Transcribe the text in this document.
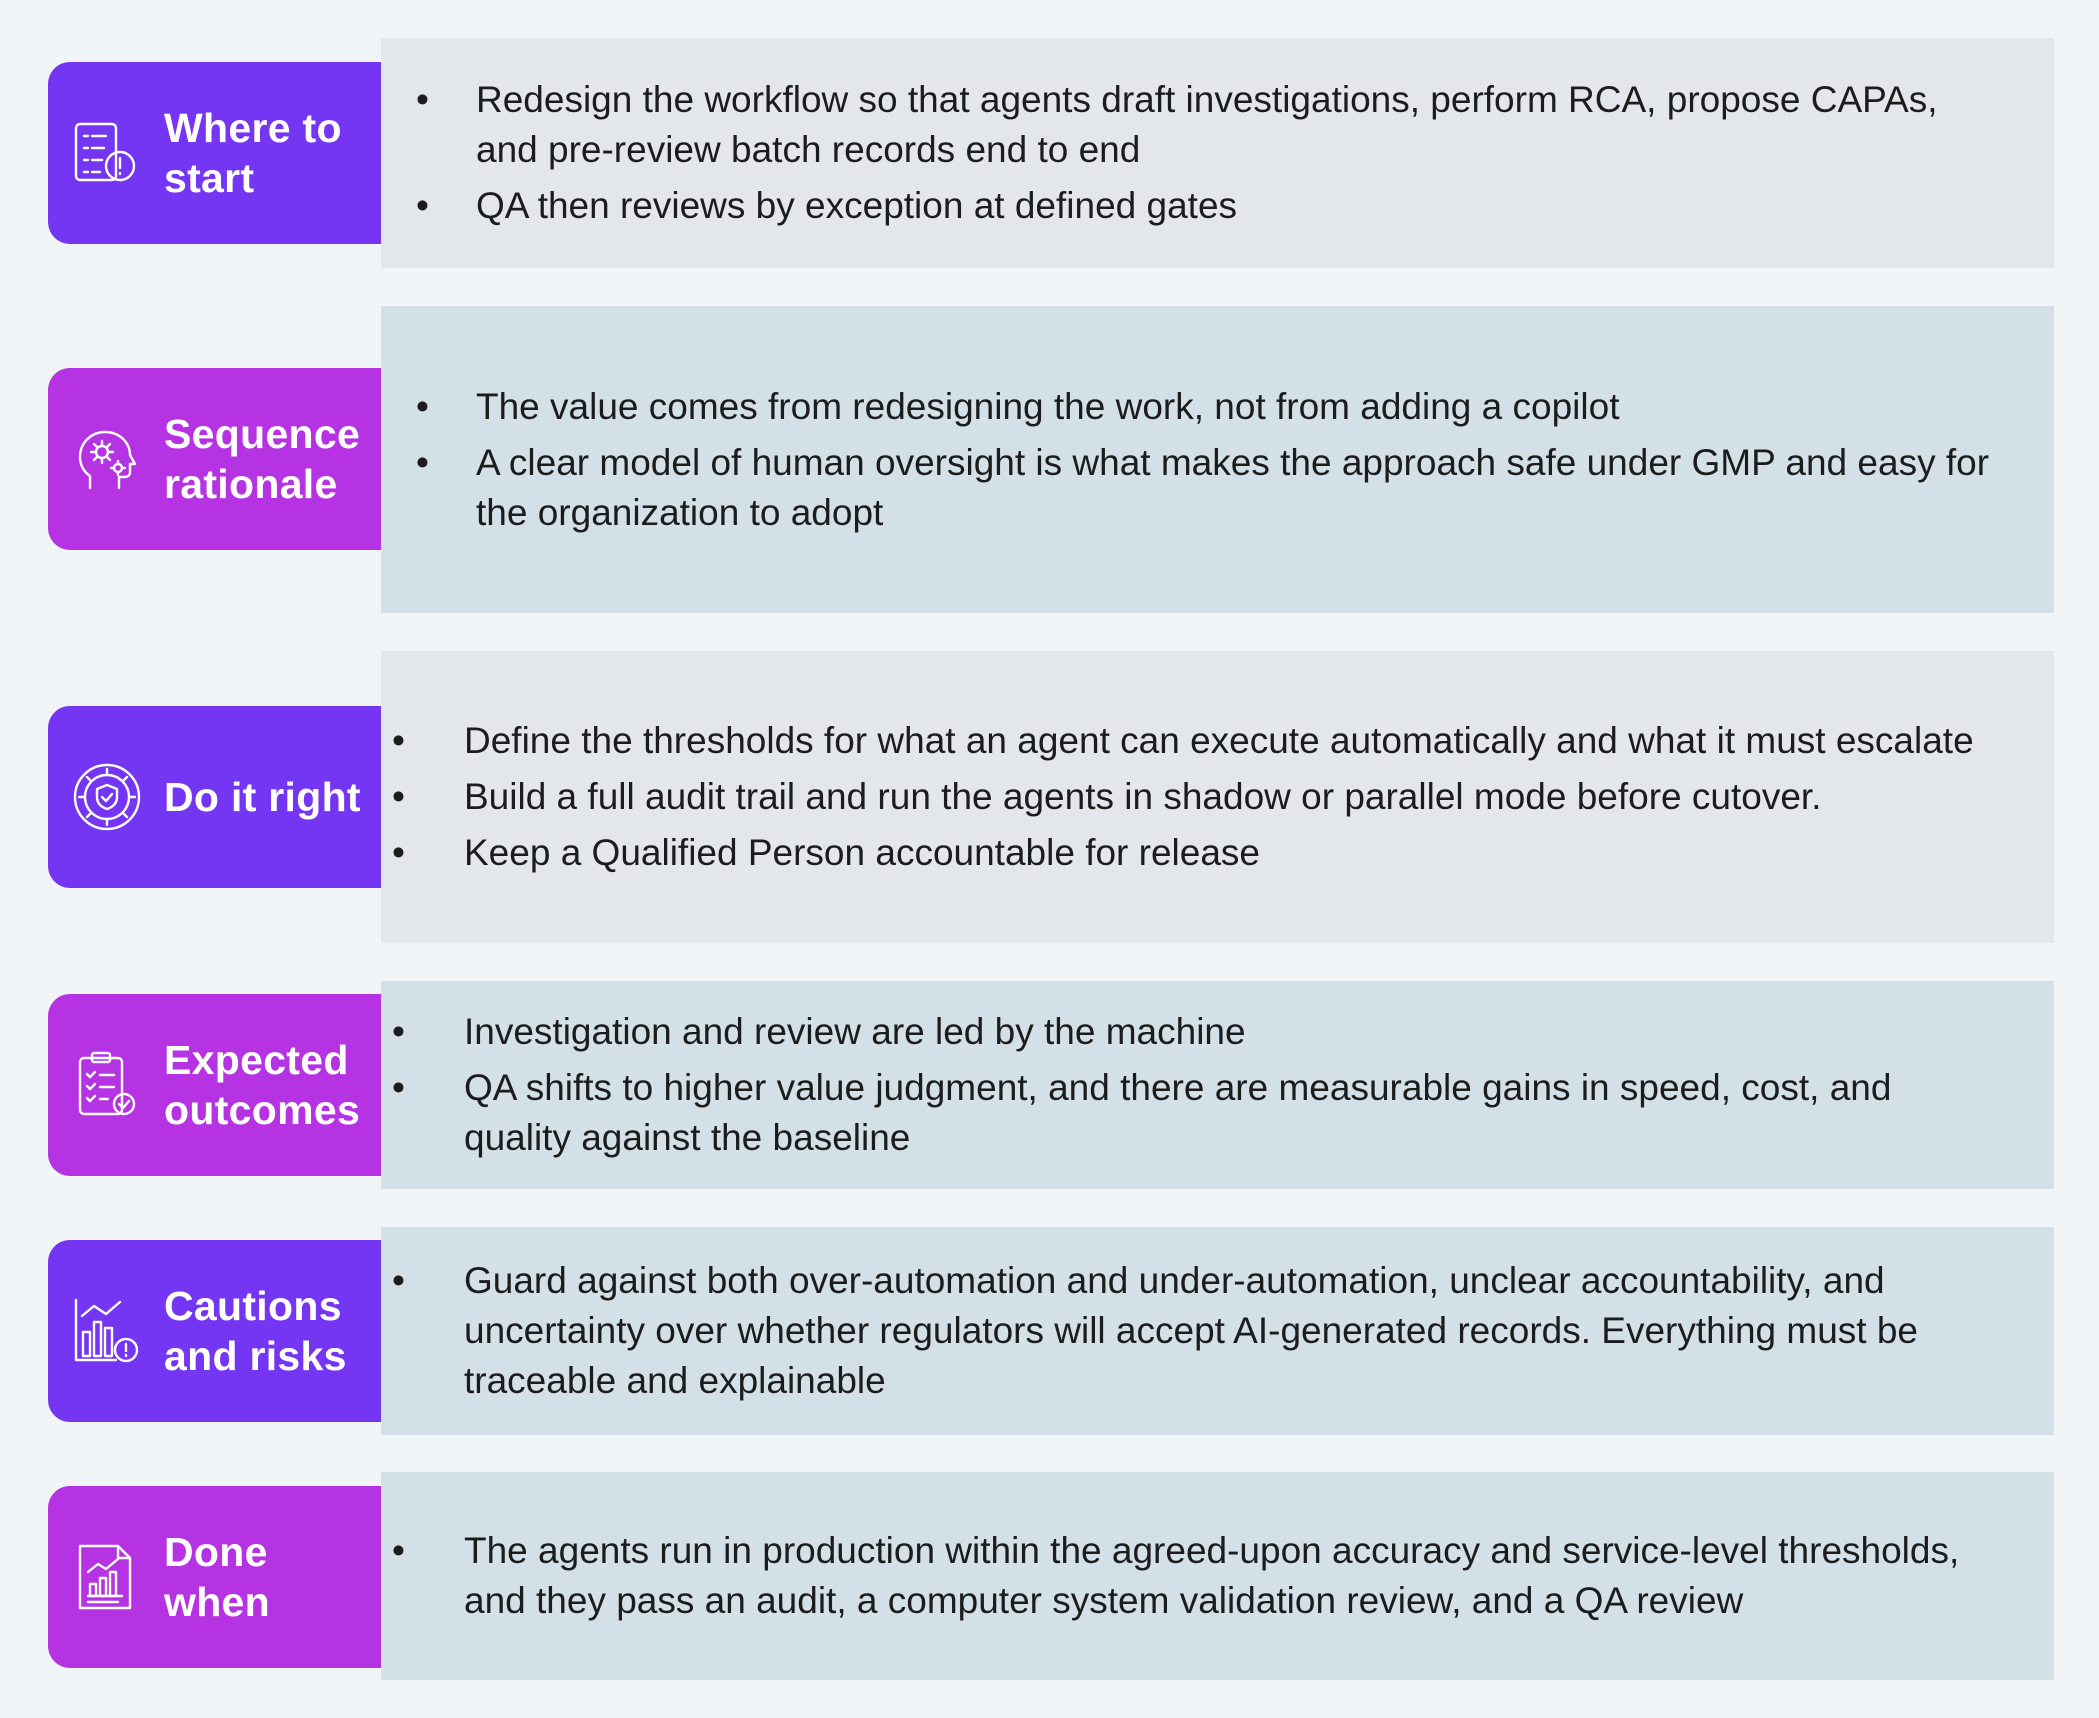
• Redesign the workflow so that agents draft investigations, perform RCA, propose CAPAs, and pre-review batch records end to end
• QA then reviews by exception at defined gates
Where to
start
• The value comes from redesigning the work, not from adding a copilot
• A clear model of human oversight is what makes the approach safe under GMP and easy for the organization to adopt
Sequence
rationale
• Define the thresholds for what an agent can execute automatically and what it must escalate
• Build a full audit trail and run the agents in shadow or parallel mode before cutover.
• Keep a Qualified Person accountable for release
Do it right
• Investigation and review are led by the machine
• QA shifts to higher value judgment, and there are measurable gains in speed, cost, and quality against the baseline
Expected
outcomes
• Guard against both over-automation and under-automation, unclear accountability, and uncertainty over whether regulators will accept AI-generated records. Everything must be traceable and explainable
Cautions
and risks
• The agents run in production within the agreed-upon accuracy and service-level thresholds, and they pass an audit, a computer system validation review, and a QA review
Done
when
